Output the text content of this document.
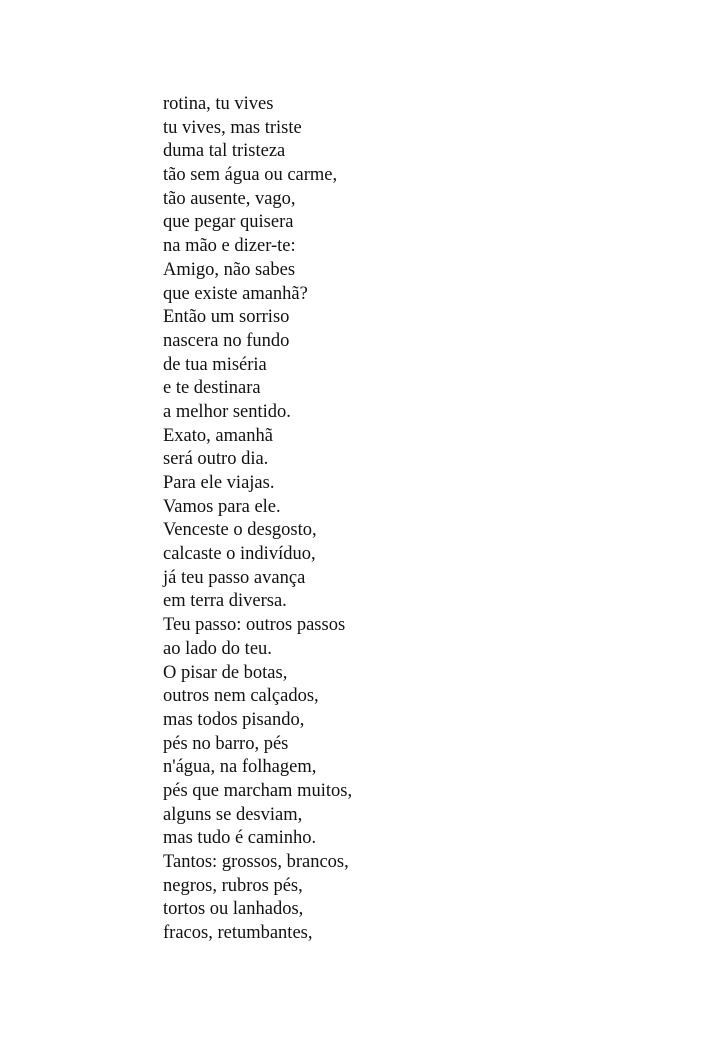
rotina, tu vives
tu vives, mas triste
duma tal tristeza
tão sem água ou carme,
tão ausente, vago,
que pegar quisera
na mão e dizer-te:
Amigo, não sabes
que existe amanhã?
Então um sorriso
nascera no fundo
de tua miséria
e te destinara
a melhor sentido.
Exato, amanhã
será outro dia.
Para ele viajas.
Vamos para ele.
Venceste o desgosto,
calcaste o indivíduo,
já teu passo avança
em terra diversa.
Teu passo: outros passos
ao lado do teu.
O pisar de botas,
outros nem calçados,
mas todos pisando,
pés no barro, pés
n'água, na folhagem,
pés que marcham muitos,
alguns se desviam,
mas tudo é caminho.
Tantos: grossos, brancos,
negros, rubros pés,
tortos ou lanhados,
fracos, retumbantes,
